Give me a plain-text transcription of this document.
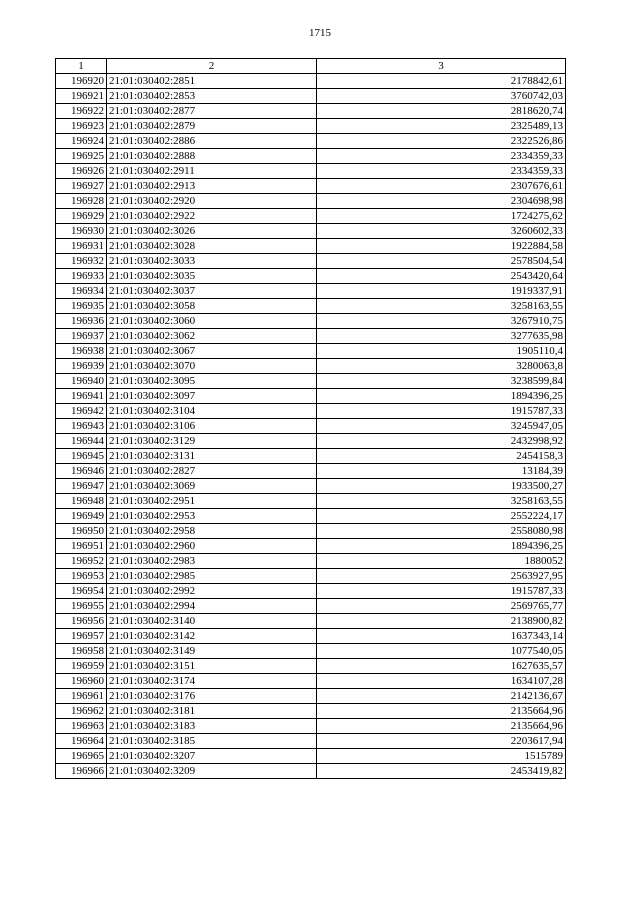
1715
1	2	3
196920	21:01:030402:2851	2178842,61
196921	21:01:030402:2853	3760742,03
196922	21:01:030402:2877	2818620,74
196923	21:01:030402:2879	2325489,13
196924	21:01:030402:2886	2322526,86
196925	21:01:030402:2888	2334359,33
196926	21:01:030402:2911	2334359,33
196927	21:01:030402:2913	2307676,61
196928	21:01:030402:2920	2304698,98
196929	21:01:030402:2922	1724275,62
196930	21:01:030402:3026	3260602,33
196931	21:01:030402:3028	1922884,58
196932	21:01:030402:3033	2578504,54
196933	21:01:030402:3035	2543420,64
196934	21:01:030402:3037	1919337,91
196935	21:01:030402:3058	3258163,55
196936	21:01:030402:3060	3267910,75
196937	21:01:030402:3062	3277635,98
196938	21:01:030402:3067	1905110,4
196939	21:01:030402:3070	3280063,8
196940	21:01:030402:3095	3238599,84
196941	21:01:030402:3097	1894396,25
196942	21:01:030402:3104	1915787,33
196943	21:01:030402:3106	3245947,05
196944	21:01:030402:3129	2432998,92
196945	21:01:030402:3131	2454158,3
196946	21:01:030402:2827	13184,39
196947	21:01:030402:3069	1933500,27
196948	21:01:030402:2951	3258163,55
196949	21:01:030402:2953	2552224,17
196950	21:01:030402:2958	2558080,98
196951	21:01:030402:2960	1894396,25
196952	21:01:030402:2983	1880052
196953	21:01:030402:2985	2563927,95
196954	21:01:030402:2992	1915787,33
196955	21:01:030402:2994	2569765,77
196956	21:01:030402:3140	2138900,82
196957	21:01:030402:3142	1637343,14
196958	21:01:030402:3149	1077540,05
196959	21:01:030402:3151	1627635,57
196960	21:01:030402:3174	1634107,28
196961	21:01:030402:3176	2142136,67
196962	21:01:030402:3181	2135664,96
196963	21:01:030402:3183	2135664,96
196964	21:01:030402:3185	2203617,94
196965	21:01:030402:3207	1515789
196966	21:01:030402:3209	2453419,82
